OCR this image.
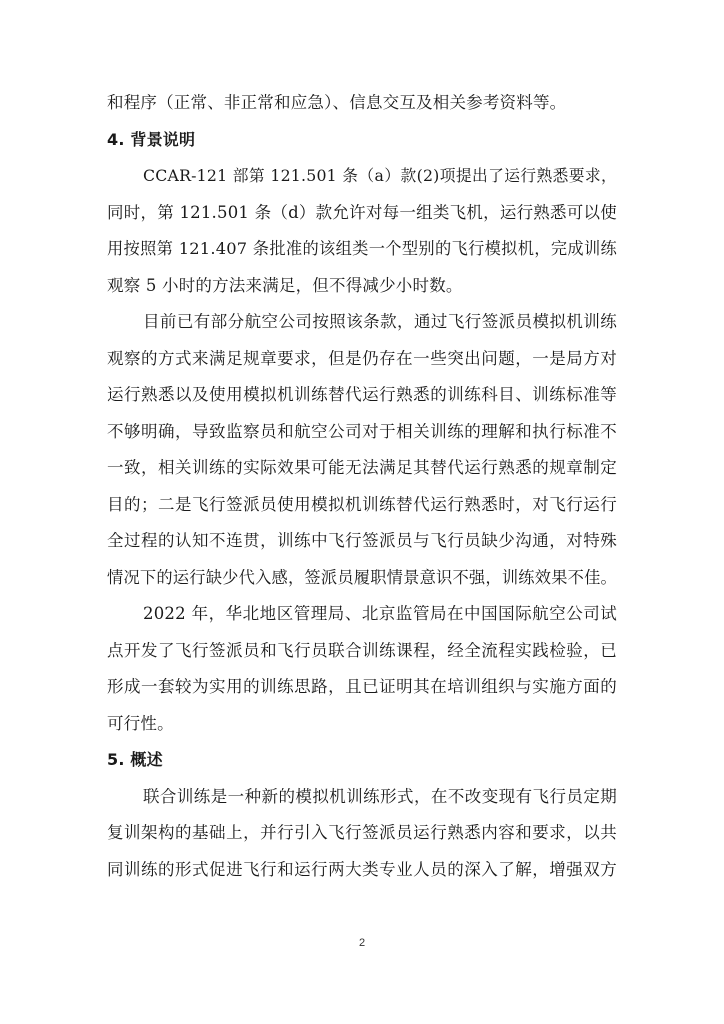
和程序（正常、非正常和应急）、信息交互及相关参考资料等。
4. 背景说明
CCAR-121 部第 121.501 条（a）款(2)项提出了运行熟悉要求，
同时，第 121.501 条（d）款允许对每一组类飞机，运行熟悉可以使
用按照第 121.407 条批准的该组类一个型别的飞行模拟机，完成训练
观察 5 小时的方法来满足，但不得减少小时数。
目前已有部分航空公司按照该条款，通过飞行签派员模拟机训练
观察的方式来满足规章要求，但是仍存在一些突出问题，一是局方对
运行熟悉以及使用模拟机训练替代运行熟悉的训练科目、训练标准等
不够明确，导致监察员和航空公司对于相关训练的理解和执行标准不
一致，相关训练的实际效果可能无法满足其替代运行熟悉的规章制定
目的；二是飞行签派员使用模拟机训练替代运行熟悉时，对飞行运行
全过程的认知不连贯，训练中飞行签派员与飞行员缺少沟通，对特殊
情况下的运行缺少代入感，签派员履职情景意识不强，训练效果不佳。
2022 年，华北地区管理局、北京监管局在中国国际航空公司试
点开发了飞行签派员和飞行员联合训练课程，经全流程实践检验，已
形成一套较为实用的训练思路，且已证明其在培训组织与实施方面的
可行性。
5. 概述
联合训练是一种新的模拟机训练形式，在不改变现有飞行员定期
复训架构的基础上，并行引入飞行签派员运行熟悉内容和要求，以共
同训练的形式促进飞行和运行两大类专业人员的深入了解，增强双方
2
